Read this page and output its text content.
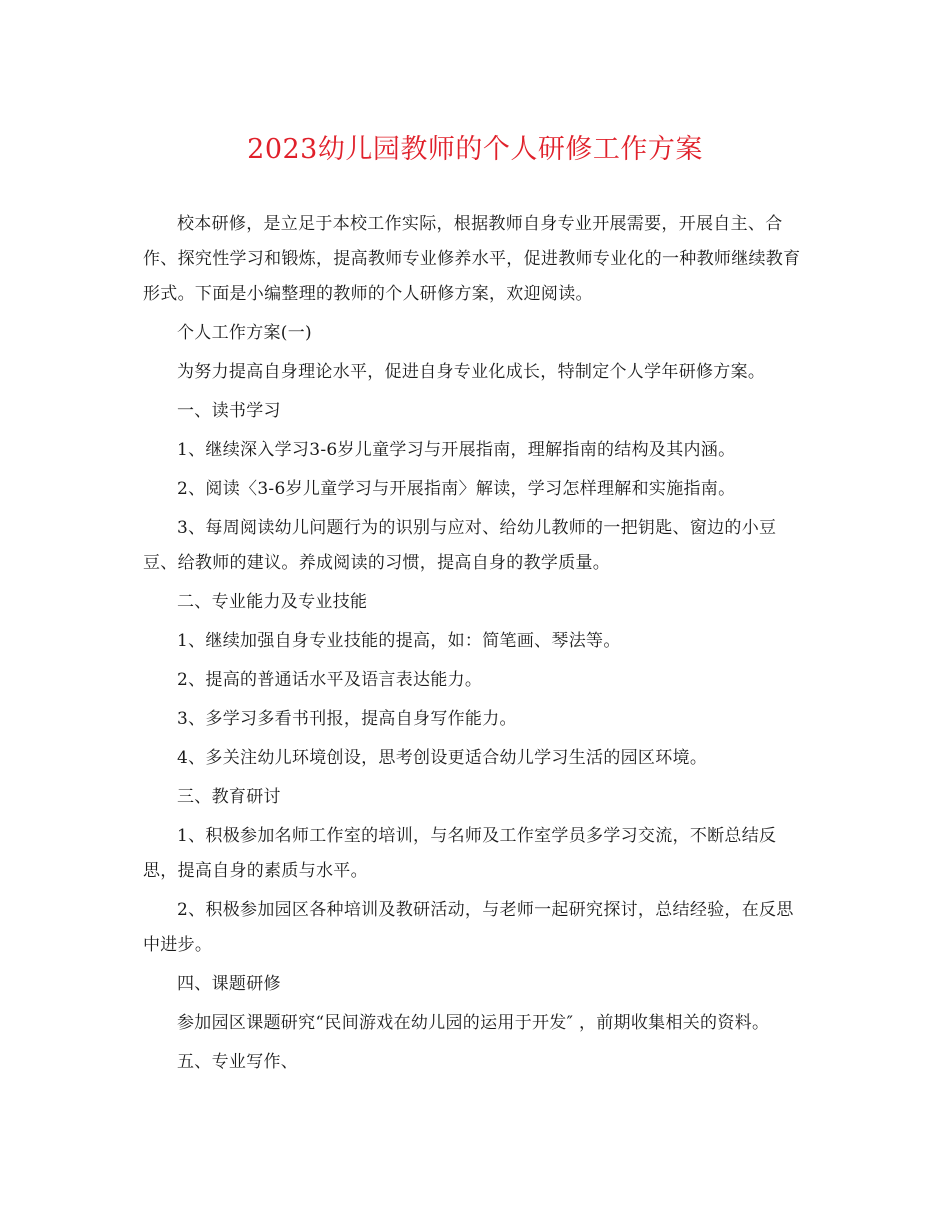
2023幼儿园教师的个人研修工作方案

校本研修，是立足于本校工作实际，根据教师自身专业开展需要，开展自主、合作、探究性学习和锻炼，提高教师专业修养水平，促进教师专业化的一种教师继续教育形式。下面是小编整理的教师的个人研修方案，欢迎阅读。

个人工作方案(一)

为努力提高自身理论水平，促进自身专业化成长，特制定个人学年研修方案。

一、读书学习

1、继续深入学习3-6岁儿童学习与开展指南，理解指南的结构及其内涵。

2、阅读〈3-6岁儿童学习与开展指南〉解读，学习怎样理解和实施指南。

3、每周阅读幼儿问题行为的识别与应对、给幼儿教师的一把钥匙、窗边的小豆豆、给教师的建议。养成阅读的习惯，提高自身的教学质量。

二、专业能力及专业技能

1、继续加强自身专业技能的提高，如：简笔画、琴法等。

2、提高的普通话水平及语言表达能力。

3、多学习多看书刊报，提高自身写作能力。

4、多关注幼儿环境创设，思考创设更适合幼儿学习生活的园区环境。

三、教育研讨

1、积极参加名师工作室的培训，与名师及工作室学员多学习交流，不断总结反思，提高自身的素质与水平。

2、积极参加园区各种培训及教研活动，与老师一起研究探讨，总结经验，在反思中进步。

四、课题研修

参加园区课题研究“民间游戏在幼儿园的运用于开发″ ，前期收集相关的资料。

五、专业写作、
